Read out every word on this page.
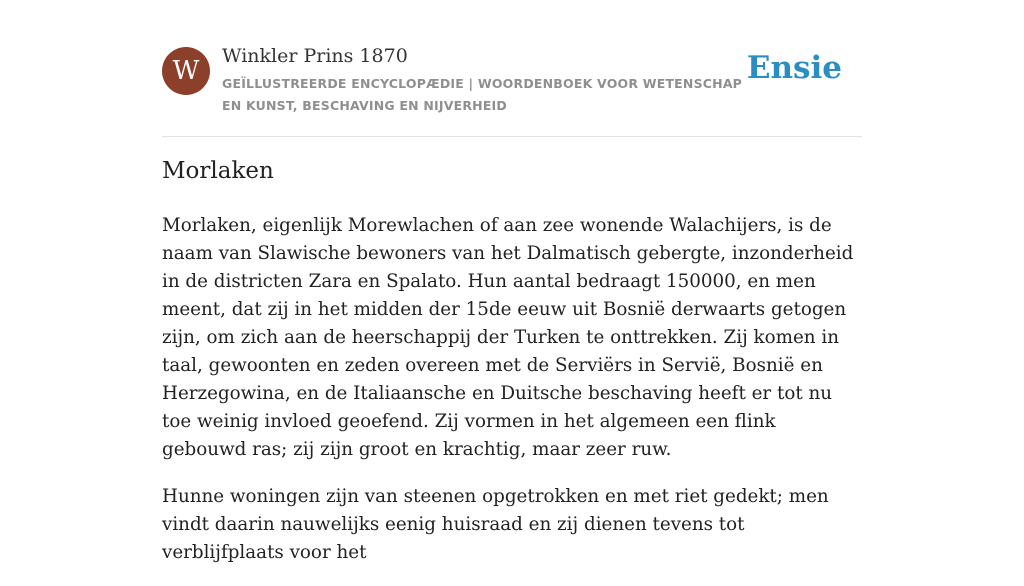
W	Winkler Prins 1870
GEÏLLUSTREERDE ENCYCLOPÆDIE | WOORDENBOEK VOOR WETENSCHAP EN KUNST, BESCHAVING EN NIJVERHEID
Ensie
Morlaken

Morlaken, eigenlijk Morewlachen of aan zee wonende Walachijers, is de naam van Slawische bewoners van het Dalmatisch gebergte, inzonderheid in de districten Zara en Spalato. Hun aantal bedraagt 150000, en men meent, dat zij in het midden der 15de eeuw uit Bosnië derwaarts getogen zijn, om zich aan de heerschappij der Turken te onttrekken. Zij komen in taal, gewoonten en zeden overeen met de Serviërs in Servië, Bosnië en Herzegowina, en de Italiaansche en Duitsche beschaving heeft er tot nu toe weinig invloed geoefend. Zij vormen in het algemeen een flink gebouwd ras; zij zijn groot en krachtig, maar zeer ruw.

Hunne woningen zijn van steenen opgetrokken en met riet gedekt; men vindt daarin nauwelijks eenig huisraad en zij dienen tevens tot verblijfplaats voor het
